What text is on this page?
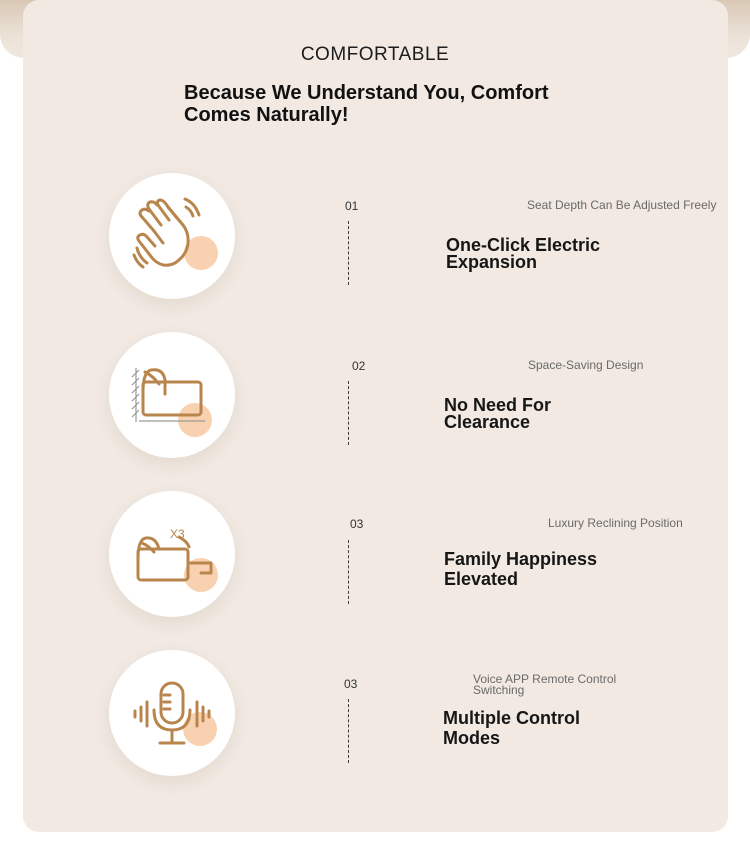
COMFORTABLE
Because We Understand You, Comfort
Comes Naturally!
01	Seat Depth Can Be Adjusted Freely
One-Click Electric
Expansion
02	Space-Saving Design
No Need For
Clearance
X3
03	Luxury Reclining Position
Family Happiness
Elevated
03	Voice APP Remote Control
Switching
Multiple Control
Modes
